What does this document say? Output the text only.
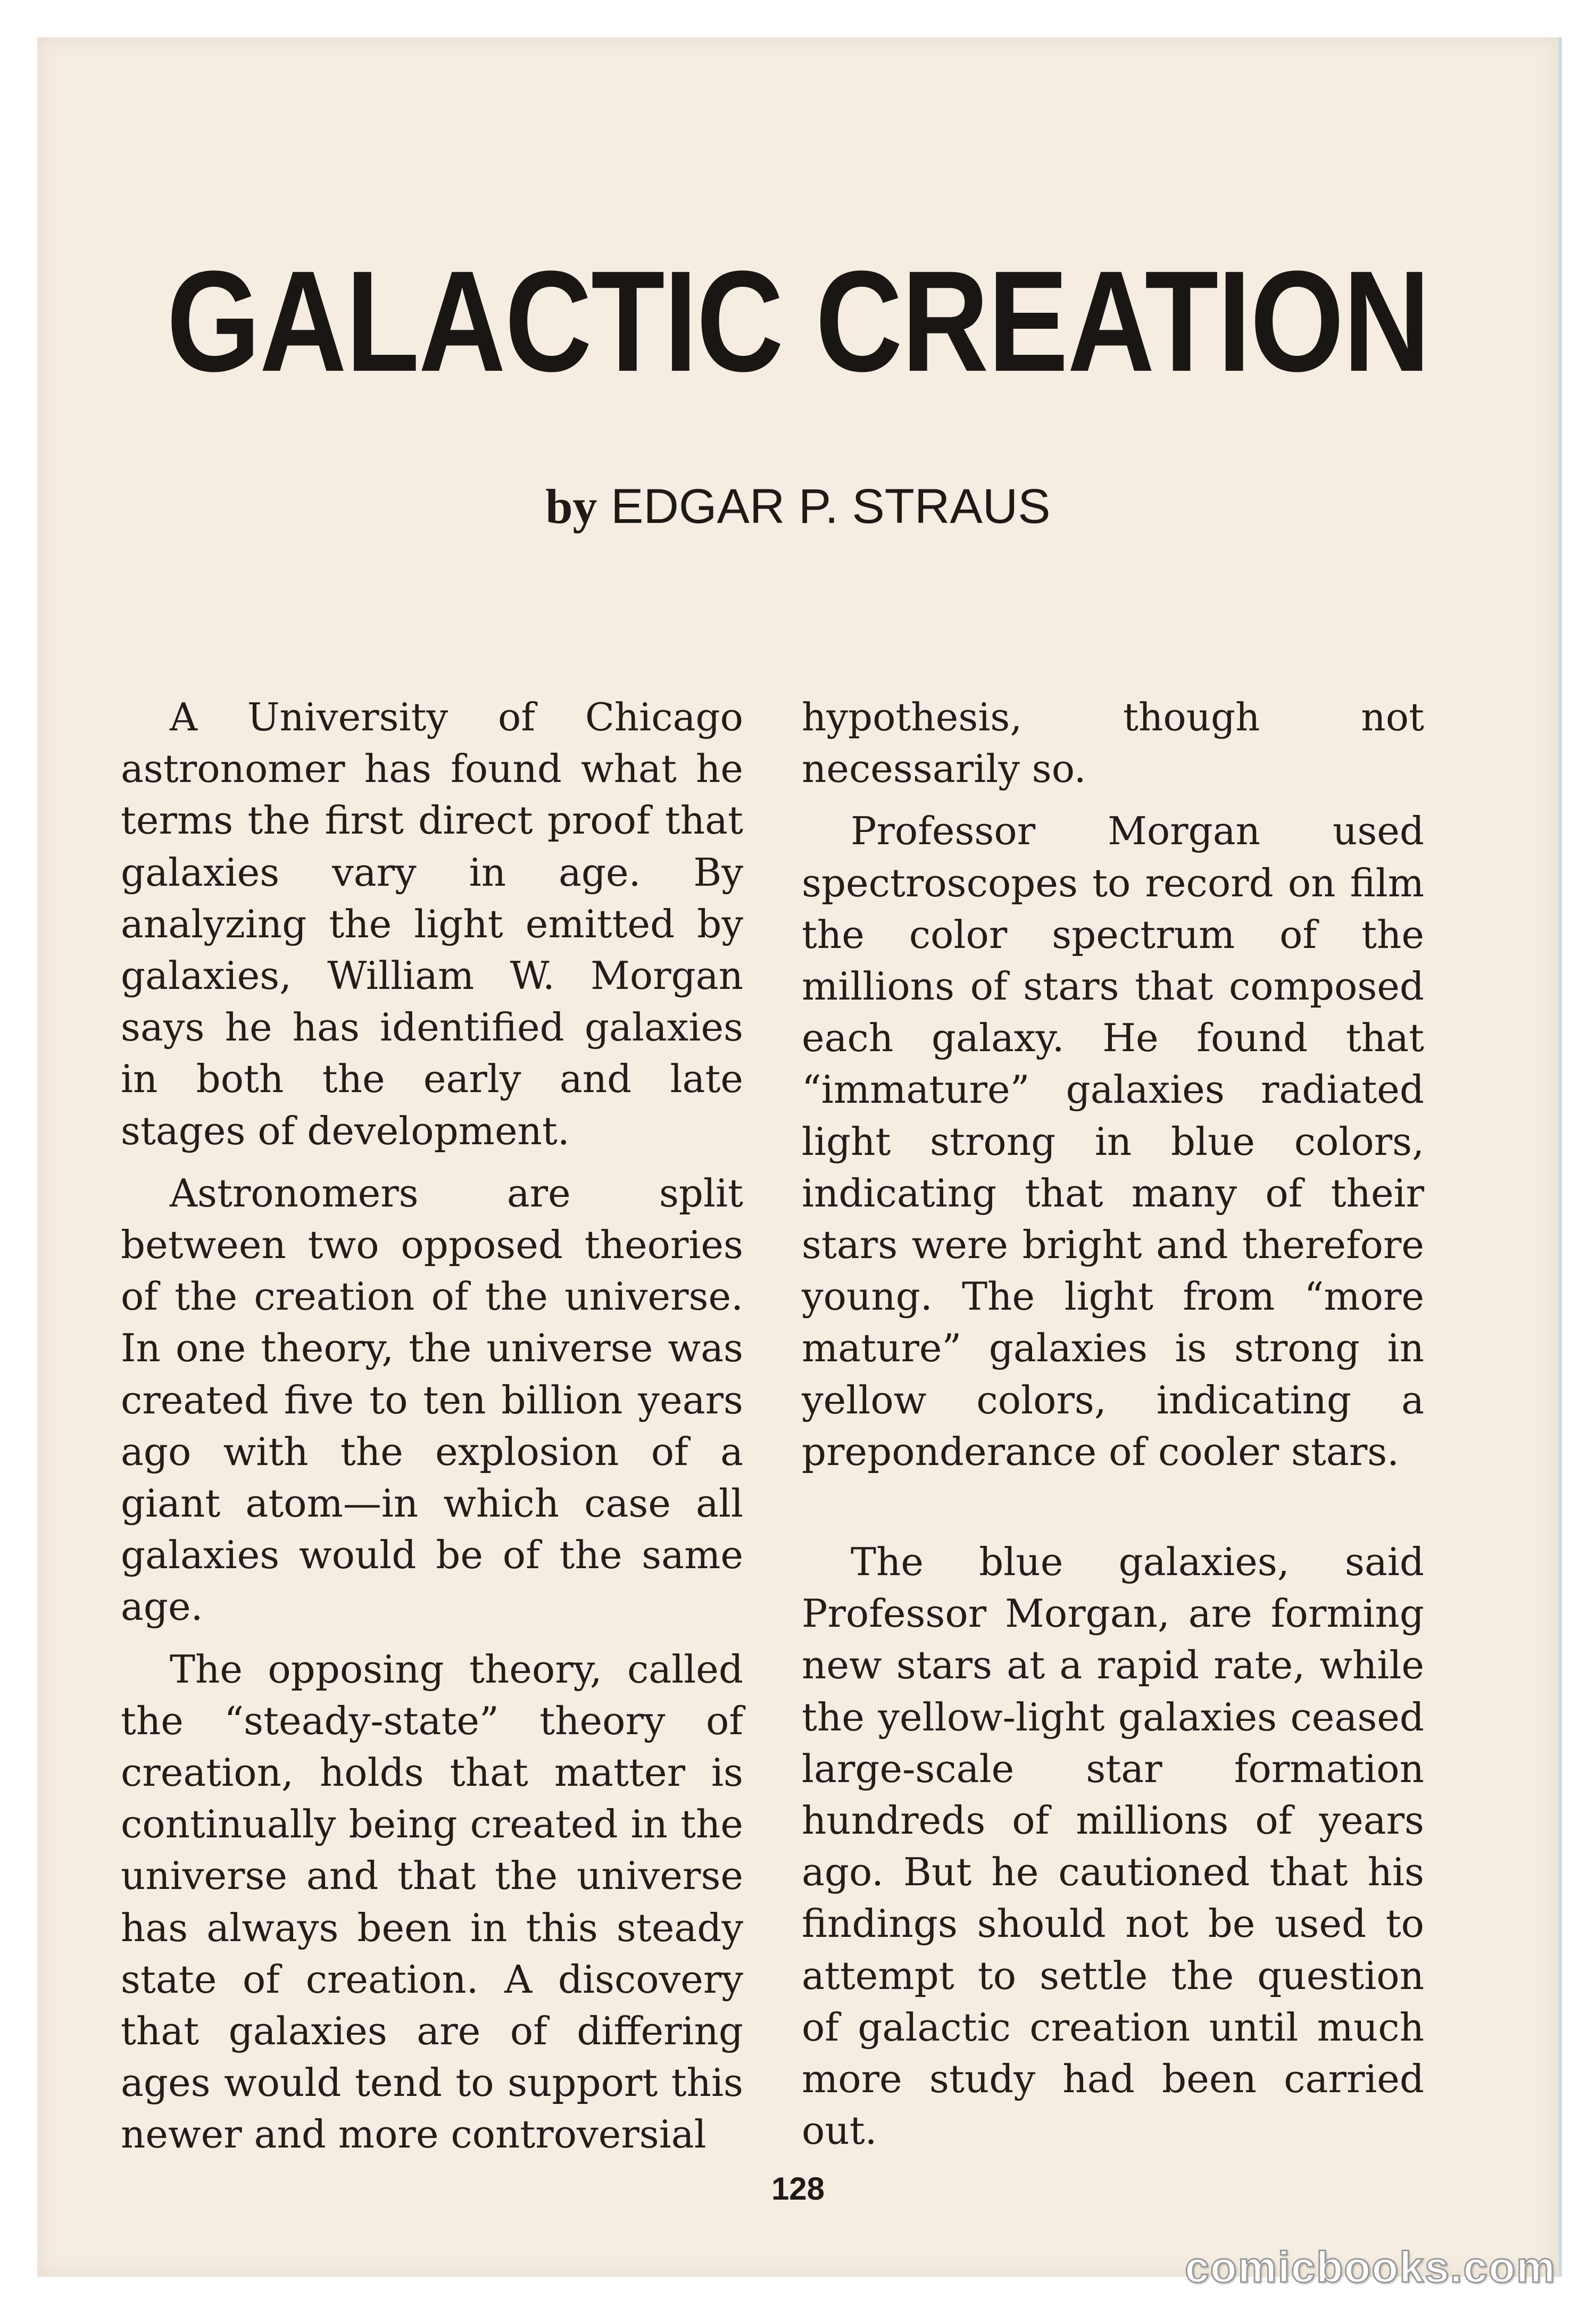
GALACTIC CREATION
by EDGAR P. STRAUS

A University of Chicago astronomer has found what he terms the first direct proof that galaxies vary in age. By analyzing the light emitted by galaxies, William W. Morgan says he has identified galaxies in both the early and late stages of development.

Astronomers are split between two opposed theories of the creation of the universe. In one theory, the universe was created five to ten billion years ago with the explosion of a giant atom—in which case all galaxies would be of the same age.

The opposing theory, called the “steady-state” theory of creation, holds that matter is continually being created in the universe and that the universe has always been in this steady state of creation. A discovery that galaxies are of differing ages would tend to support this newer and more controversial

hypothesis, though not necessarily so.

Professor Morgan used spectroscopes to record on film the color spectrum of the millions of stars that composed each galaxy. He found that “immature” galaxies radiated light strong in blue colors, indicating that many of their stars were bright and therefore young. The light from “more mature” galaxies is strong in yellow colors, indicating a preponderance of cooler stars.

The blue galaxies, said Professor Morgan, are forming new stars at a rapid rate, while the yellow-light galaxies ceased large-scale star formation hundreds of millions of years ago. But he cautioned that his findings should not be used to attempt to settle the question of galactic creation until much more study had been carried out.

128
comicbooks.com
